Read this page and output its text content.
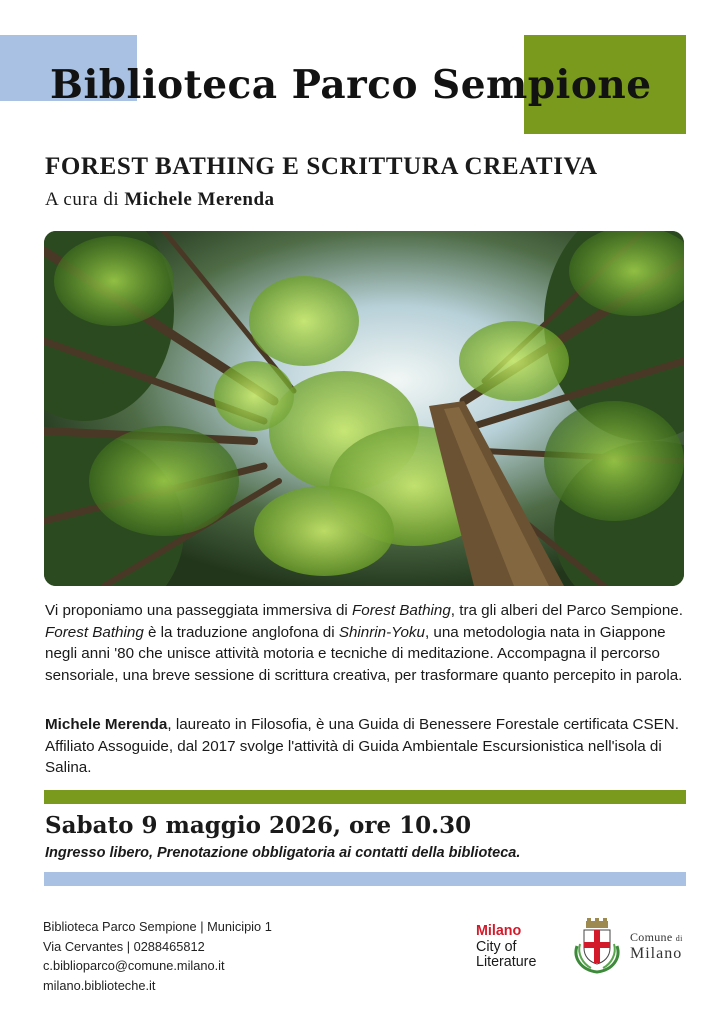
Biblioteca Parco Sempione
FOREST BATHING E SCRITTURA CREATIVA
A cura di Michele Merenda
Vi proponiamo una passeggiata immersiva di Forest Bathing, tra gli alberi del Parco Sempione. Forest Bathing è la traduzione anglofona di Shinrin-Yoku, una metodologia nata in Giappone negli anni '80 che unisce attività motoria e tecniche di meditazione. Accompagna il percorso sensoriale, una breve sessione di scrittura creativa, per trasformare quanto percepito in parola.
Michele Merenda, laureato in Filosofia, è una Guida di Benessere Forestale certificata CSEN. Affiliato Assoguide, dal 2017 svolge l'attività di Guida Ambientale Escursionistica nell'isola di Salina.
Sabato 9 maggio 2026, ore 10.30
Ingresso libero, Prenotazione obbligatoria ai contatti della biblioteca.
Biblioteca Parco Sempione | Municipio 1
Via Cervantes | 0288465812
c.biblioparco@comune.milano.it
milano.biblioteche.it
Milano
City of
Literature
Comune di
Milano
